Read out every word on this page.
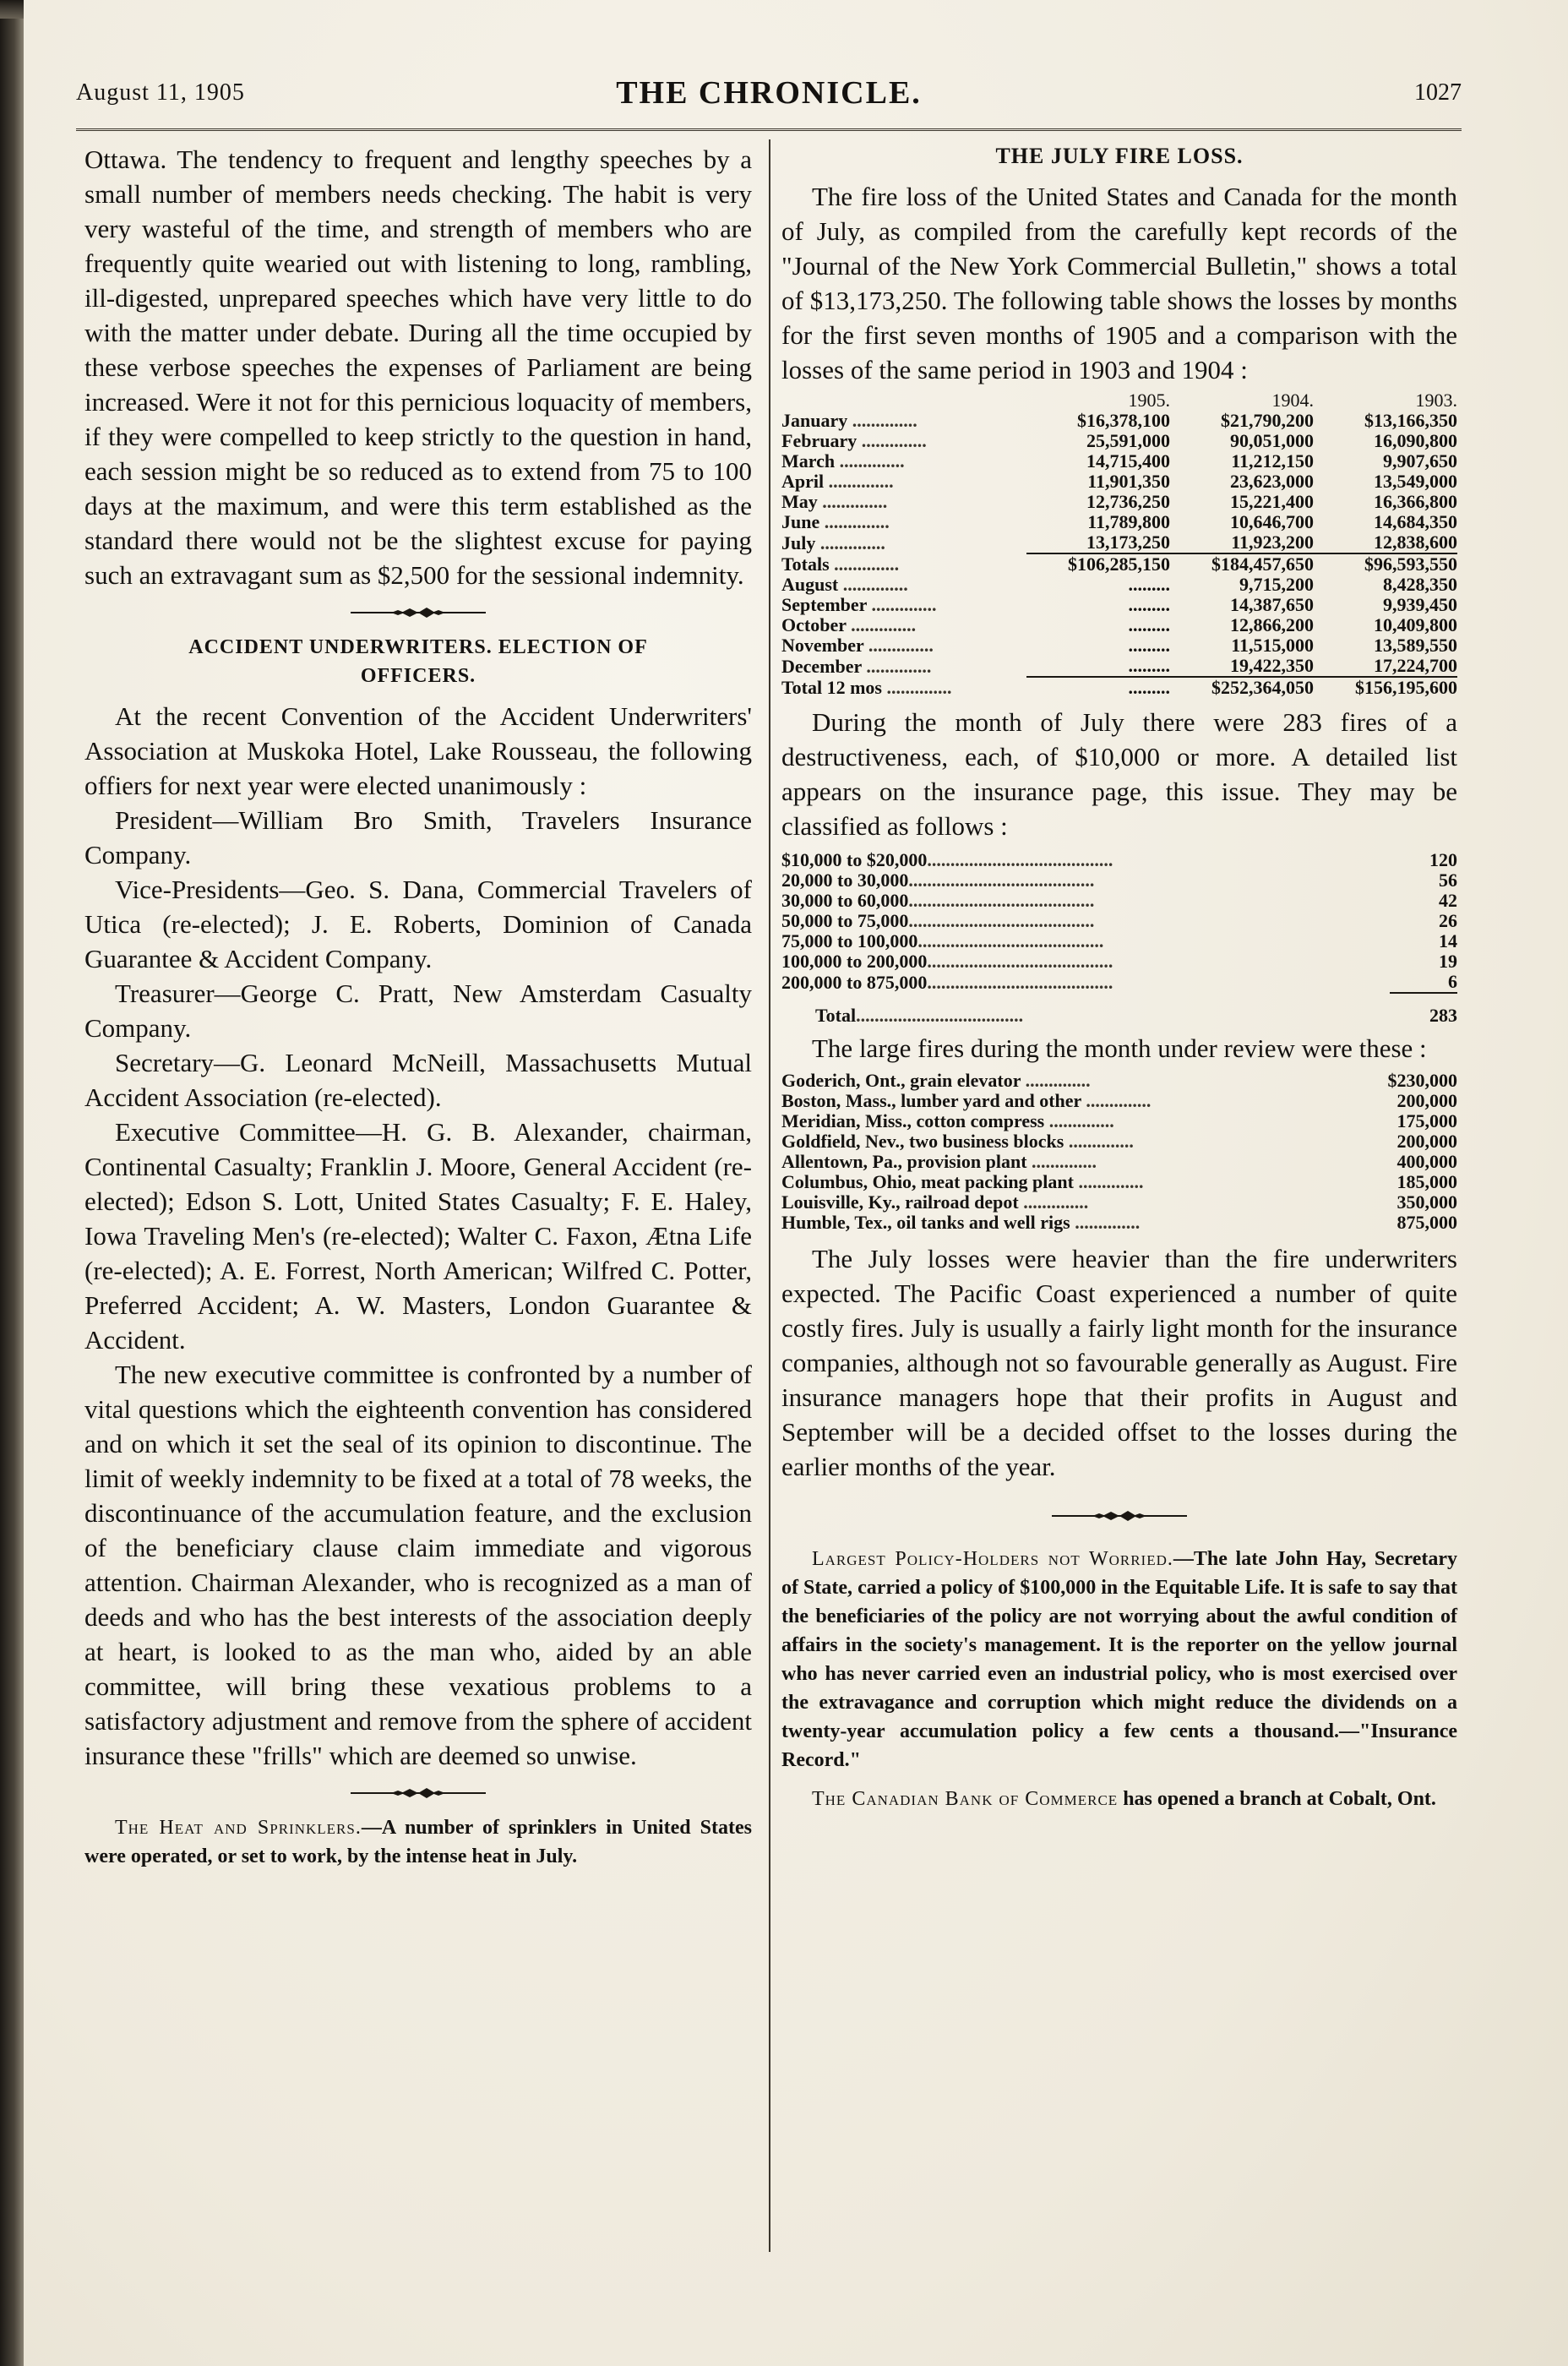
August 11, 1905	THE CHRONICLE.	1027

Ottawa. The tendency to frequent and lengthy speeches by a small number of members needs checking. The habit is very very wasteful of the time, and strength of members who are frequently quite wearied out with listening to long, rambling, ill-digested, unprepared speeches which have very little to do with the matter under debate. During all the time occupied by these verbose speeches the expenses of Parliament are being increased. Were it not for this pernicious loquacity of members, if they were compelled to keep strictly to the question in hand, each session might be so reduced as to extend from 75 to 100 days at the maximum, and were this term established as the standard there would not be the slightest excuse for paying such an extravagant sum as $2,500 for the sessional indemnity.

ACCIDENT UNDERWRITERS. ELECTION OF
OFFICERS.

At the recent Convention of the Accident Underwriters' Association at Muskoka Hotel, Lake Rousseau, the following offiers for next year were elected unanimously :

President—William Bro Smith, Travelers Insurance Company.

Vice-Presidents—Geo. S. Dana, Commercial Travelers of Utica (re-elected); J. E. Roberts, Dominion of Canada Guarantee & Accident Company.

Treasurer—George C. Pratt, New Amsterdam Casualty Company.

Secretary—G. Leonard McNeill, Massachusetts Mutual Accident Association (re-elected).

Executive Committee—H. G. B. Alexander, chairman, Continental Casualty; Franklin J. Moore, General Accident (re-elected); Edson S. Lott, United States Casualty; F. E. Haley, Iowa Traveling Men's (re-elected); Walter C. Faxon, Ætna Life (re-elected); A. E. Forrest, North American; Wilfred C. Potter, Preferred Accident; A. W. Masters, London Guarantee & Accident.

The new executive committee is confronted by a number of vital questions which the eighteenth convention has considered and on which it set the seal of its opinion to discontinue. The limit of weekly indemnity to be fixed at a total of 78 weeks, the discontinuance of the accumulation feature, and the exclusion of the beneficiary clause claim immediate and vigorous attention. Chairman Alexander, who is recognized as a man of deeds and who has the best interests of the association deeply at heart, is looked to as the man who, aided by an able committee, will bring these vexatious problems to a satisfactory adjustment and remove from the sphere of accident insurance these "frills" which are deemed so unwise.

The Heat and Sprinklers.—A number of sprinklers in United States were operated, or set to work, by the intense heat in July.

THE JULY FIRE LOSS.

The fire loss of the United States and Canada for the month of July, as compiled from the carefully kept records of the "Journal of the New York Commercial Bulletin," shows a total of $13,173,250. The following table shows the losses by months for the first seven months of 1905 and a comparison with the losses of the same period in 1903 and 1904 :

	1905.	1904.	1903.
January ..............	$16,378,100	$21,790,200	$13,166,350
February ..............	25,591,000	90,051,000	16,090,800
March ..............	14,715,400	11,212,150	9,907,650
April ..............	11,901,350	23,623,000	13,549,000
May ..............	12,736,250	15,221,400	16,366,800
June ..............	11,789,800	10,646,700	14,684,350
July ..............	13,173,250	11,923,200	12,838,600
Totals ..............	$106,285,150	$184,457,650	$96,593,550
August ..............	.........	9,715,200	8,428,350
September ..............	.........	14,387,650	9,939,450
October ..............	.........	12,866,200	10,409,800
November ..............	.........	11,515,000	13,589,550
December ..............	.........	19,422,350	17,224,700
Total 12 mos ..............	.........	$252,364,050	$156,195,600

During the month of July there were 283 fires of a destructiveness, each, of $10,000 or more. A detailed list appears on the insurance page, this issue. They may be classified as follows :

$10,000 to $20,000........................................	120
20,000 to 30,000........................................	56
30,000 to 60,000........................................	42
50,000 to 75,000........................................	26
75,000 to 100,000........................................	14
100,000 to 200,000........................................	19
200,000 to 875,000........................................	6
Total....................................	283

The large fires during the month under review were these :

Goderich, Ont., grain elevator ..............	$230,000
Boston, Mass., lumber yard and other ..............	200,000
Meridian, Miss., cotton compress ..............	175,000
Goldfield, Nev., two business blocks ..............	200,000
Allentown, Pa., provision plant ..............	400,000
Columbus, Ohio, meat packing plant ..............	185,000
Louisville, Ky., railroad depot ..............	350,000
Humble, Tex., oil tanks and well rigs ..............	875,000

The July losses were heavier than the fire underwriters expected. The Pacific Coast experienced a number of quite costly fires. July is usually a fairly light month for the insurance companies, although not so favourable generally as August. Fire insurance managers hope that their profits in August and September will be a decided offset to the losses during the earlier months of the year.

Largest Policy-Holders not Worried.—The late John Hay, Secretary of State, carried a policy of $100,000 in the Equitable Life. It is safe to say that the beneficiaries of the policy are not worrying about the awful condition of affairs in the society's management. It is the reporter on the yellow journal who has never carried even an industrial policy, who is most exercised over the extravagance and corruption which might reduce the dividends on a twenty-year accumulation policy a few cents a thousand.—"Insurance Record."

The Canadian Bank of Commerce has opened a branch at Cobalt, Ont.
